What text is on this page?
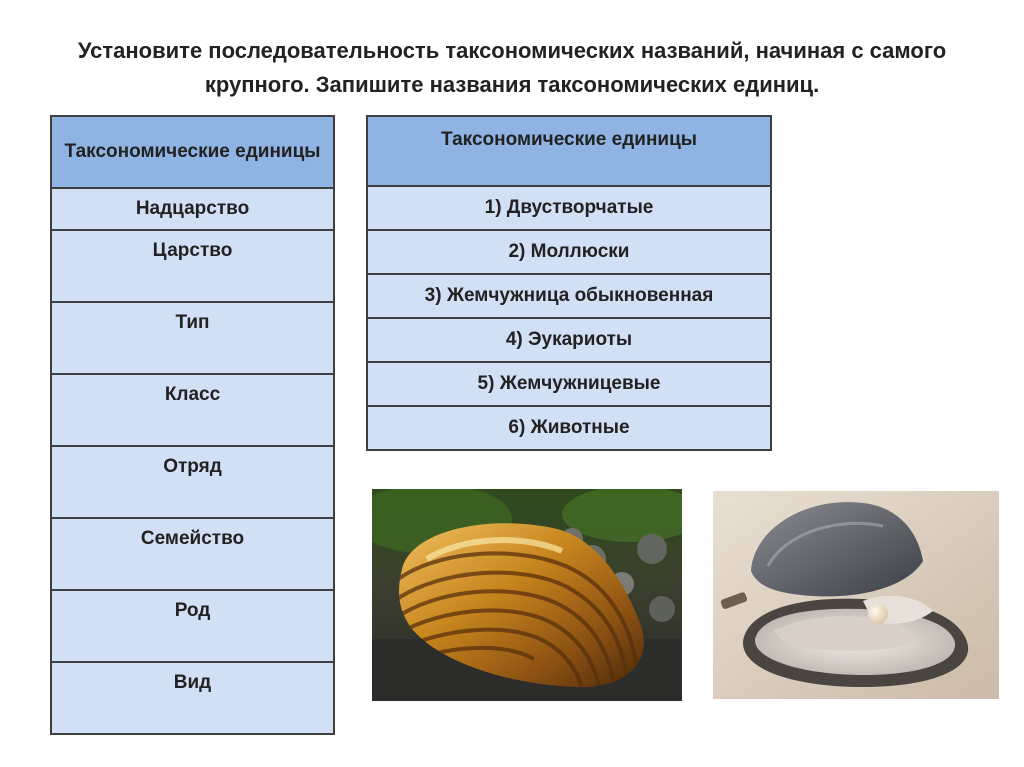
Установите последовательность таксономических названий, начиная с самого крупного. Запишите названия таксономических единиц.
Таксономические единицы
Надцарство
Царство
Тип
Класс
Отряд
Семейство
Род
Вид
Таксономические единицы
1) Двустворчатые
2) Моллюски
3) Жемчужница обыкновенная
4) Эукариоты
5) Жемчужницевые
6) Животные
